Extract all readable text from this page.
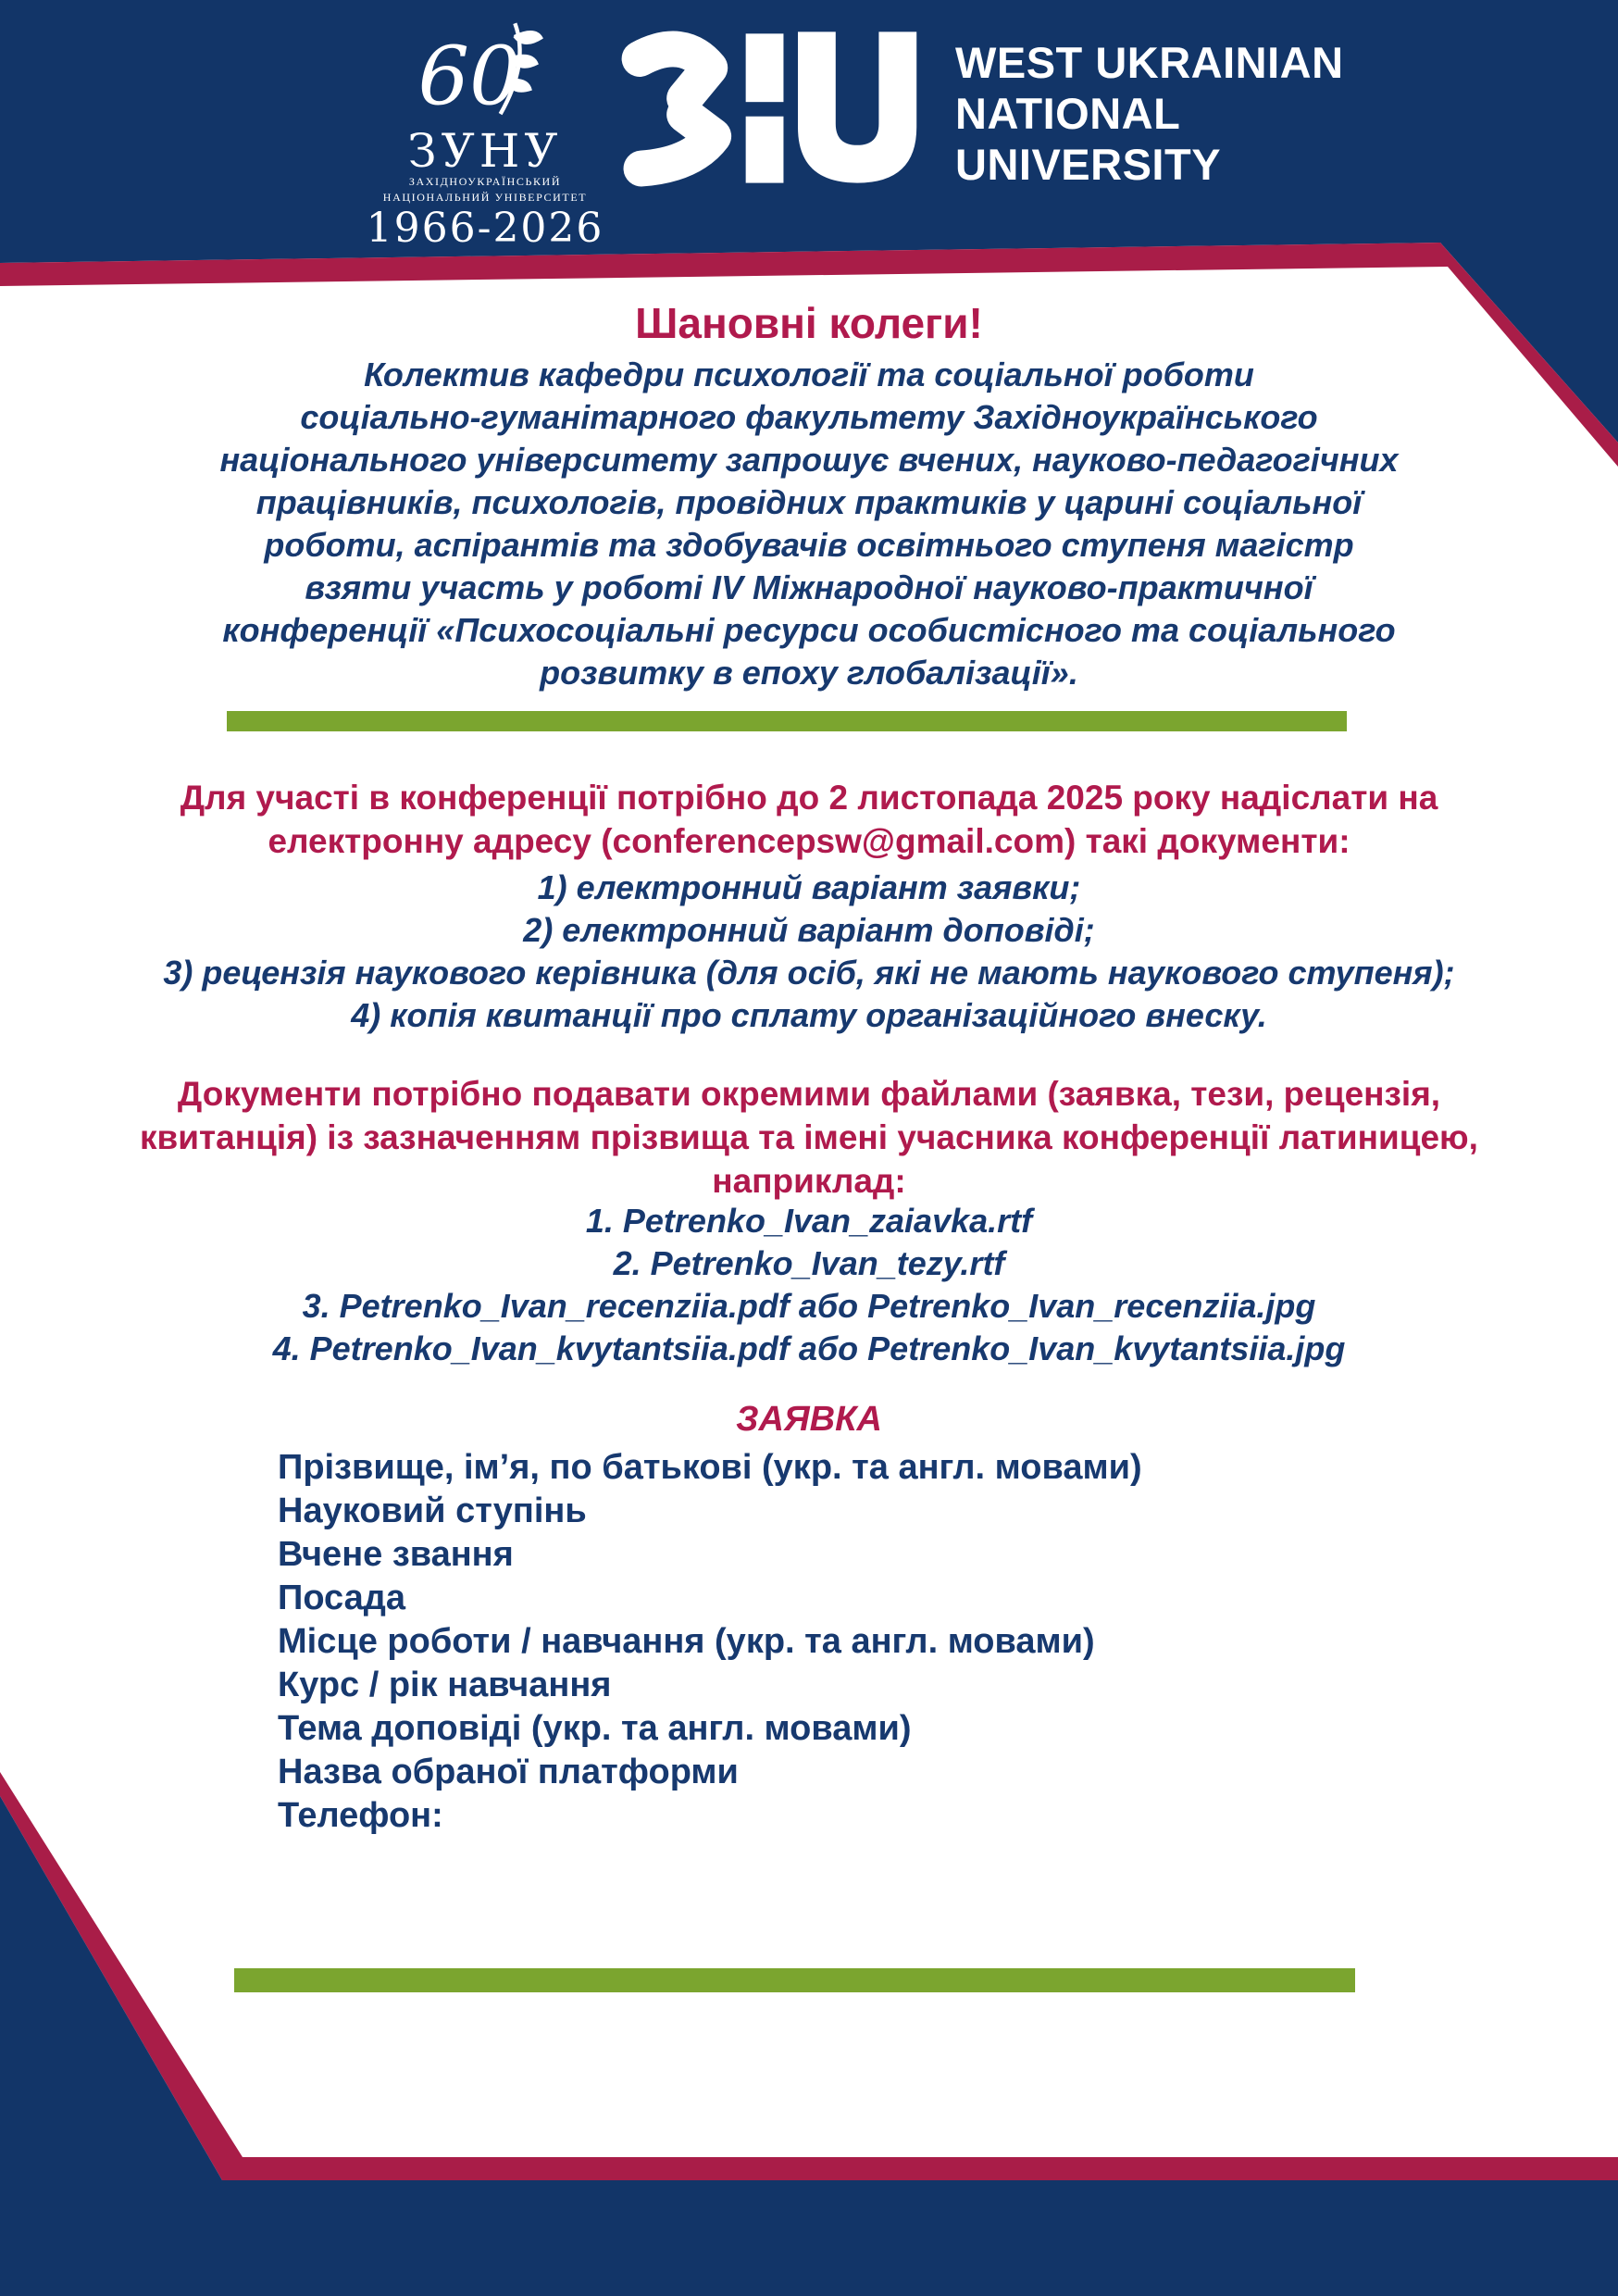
60
ЗУНУ
ЗАХІДНОУКРАЇНСЬКИЙ
НАЦІОНАЛЬНИЙ УНІВЕРСИТЕТ
1966-2026
WEST UKRAINIAN
NATIONAL
UNIVERSITY
Шановні колеги!
Колектив кафедри психології та соціальної роботи
соціально-гуманітарного факультету Західноукраїнського
національного університету запрошує вчених, науково-педагогічних
працівників, психологів, провідних практиків у царині соціальної
роботи, аспірантів та здобувачів освітнього ступеня магістр
взяти участь у роботі IV Міжнародної науково-практичної
конференції «Психосоціальні ресурси особистісного та соціального
розвитку в епоху глобалізації».
Для участі в конференції потрібно до 2 листопада 2025 року надіслати на
електронну адресу (conferencepsw@gmail.com) такі документи:
1) електронний варіант заявки;
2) електронний варіант доповіді;
3) рецензія наукового керівника (для осіб, які не мають наукового ступеня);
4) копія квитанції про сплату організаційного внеску.
Документи потрібно подавати окремими файлами (заявка, тези, рецензія,
квитанція) із зазначенням прізвища та імені учасника конференції латиницею,
наприклад:
1. Petrenko_Ivan_zaiavka.rtf
2. Petrenko_Ivan_tezy.rtf
3. Petrenko_Ivan_recenziia.pdf або Petrenko_Ivan_recenziia.jpg
4. Petrenko_Ivan_kvytantsiia.pdf або Petrenko_Ivan_kvytantsiia.jpg
ЗАЯВКА
Прізвище, ім’я, по батькові (укр. та англ. мовами)
Науковий ступінь
Вчене звання
Посада
Місце роботи / навчання (укр. та англ. мовами)
Курс / рік навчання
Тема доповіді (укр. та англ. мовами)
Назва обраної платформи
Телефон:
